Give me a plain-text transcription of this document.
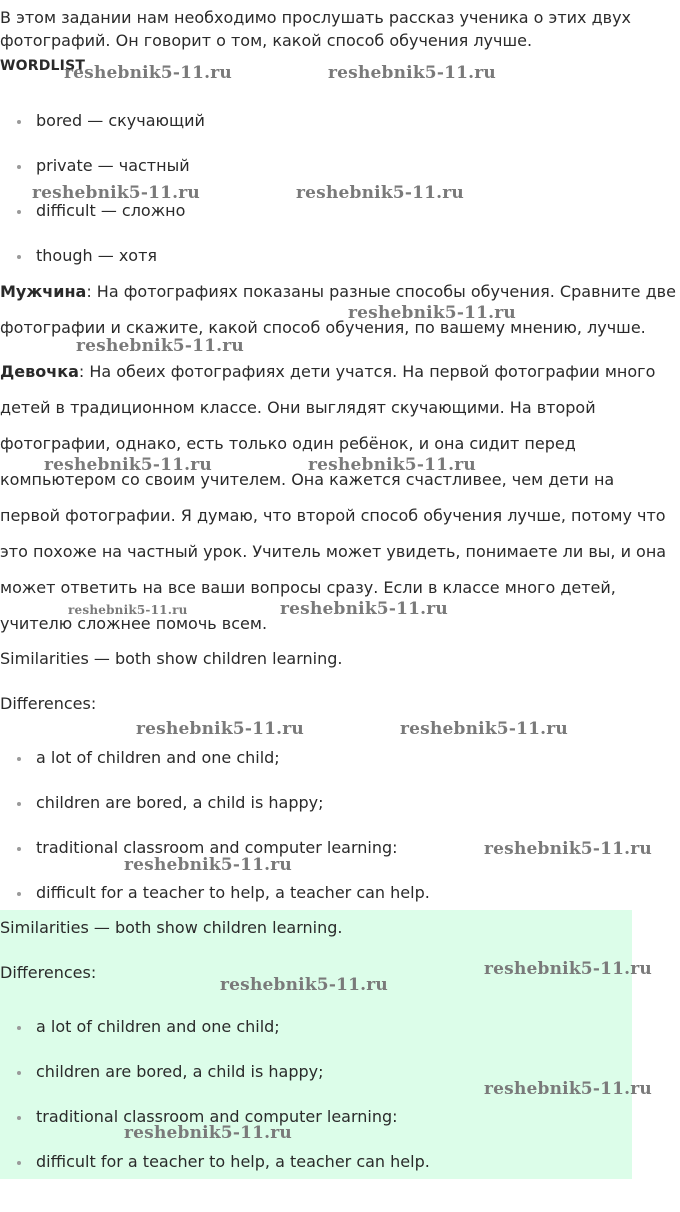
В этом задании нам необходимо прослушать рассказ ученика о этих двух
фотографий. Он говорит о том, какой способ обучения лучше.
WORDLIST
bored — скучающий
private — частный
difficult — сложно
though — хотя
Мужчина: На фотографиях показаны разные способы обучения. Сравните две
фотографии и скажите, какой способ обучения, по вашему мнению, лучше.
Девочка: На обеих фотографиях дети учатся. На первой фотографии много
детей в традиционном классе. Они выглядят скучающими. На второй
фотографии, однако, есть только один ребёнок, и она сидит перед
компьютером со своим учителем. Она кажется счастливее, чем дети на
первой фотографии. Я думаю, что второй способ обучения лучше, потому что
это похоже на частный урок. Учитель может увидеть, понимаете ли вы, и она
может ответить на все ваши вопросы сразу. Если в классе много детей,
учителю сложнее помочь всем.
Similarities — both show children learning.
Differences:
a lot of children and one child;
children are bored, a child is happy;
traditional classroom and computer learning:
difficult for a teacher to help, a teacher can help.
Similarities — both show children learning.
Differences:
a lot of children and one child;
children are bored, a child is happy;
traditional classroom and computer learning:
difficult for a teacher to help, a teacher can help.
reshebnik5-11.ru	reshebnik5-11.ru
reshebnik5-11.ru	reshebnik5-11.ru
reshebnik5-11.ru
reshebnik5-11.ru
reshebnik5-11.ru	reshebnik5-11.ru
reshebnik5-11.ru	reshebnik5-11.ru
reshebnik5-11.ru	reshebnik5-11.ru
reshebnik5-11.ru
reshebnik5-11.ru
reshebnik5-11.ru
reshebnik5-11.ru
reshebnik5-11.ru
reshebnik5-11.ru
